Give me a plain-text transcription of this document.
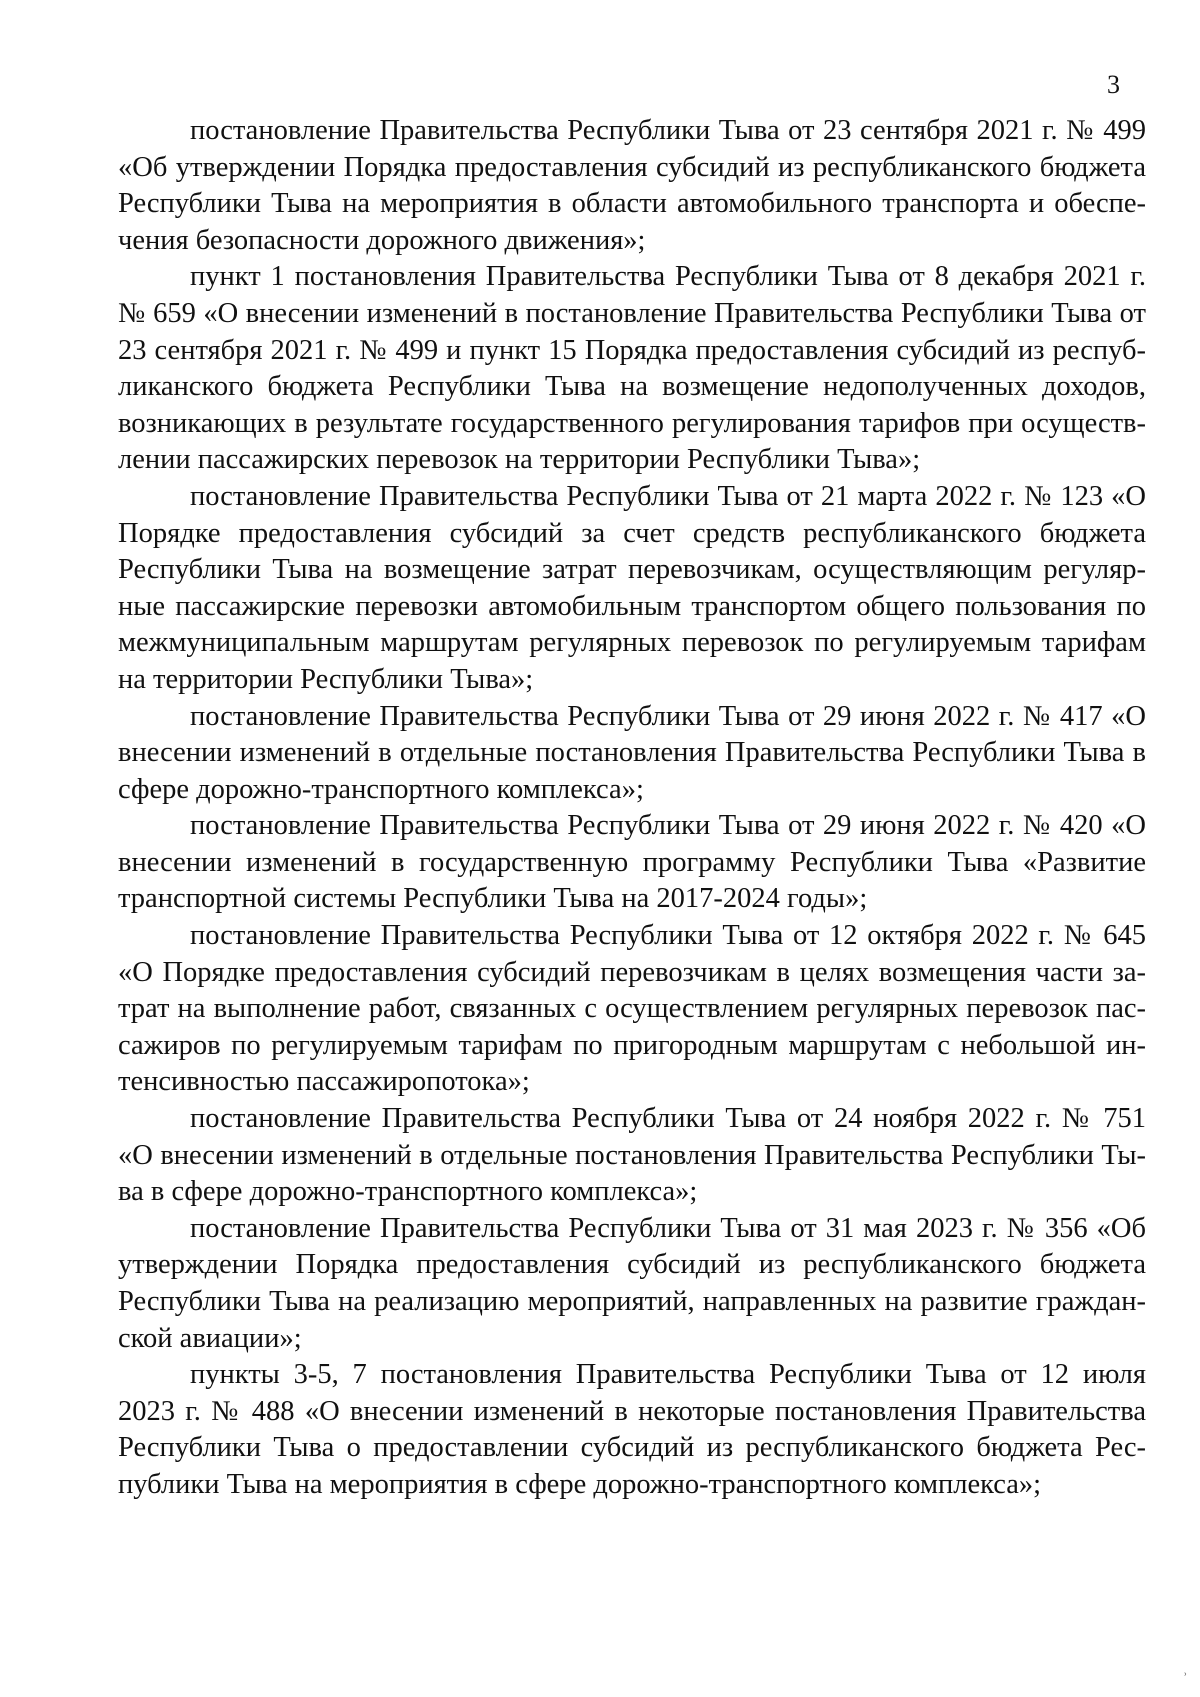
3

постановление Правительства Республики Тыва от 23 сентября 2021 г. № 499 «Об утверждении Порядка предоставления субсидий из республиканского бюджета Республики Тыва на мероприятия в области автомобильного транспорта и обеспечения безопасности дорожного движения»;

пункт 1 постановления Правительства Республики Тыва от 8 декабря 2021 г. № 659 «О внесении изменений в постановление Правительства Республики Тыва от 23 сентября 2021 г. № 499 и пункт 15 Порядка предоставления субсидий из республиканского бюджета Республики Тыва на возмещение недополученных доходов, возникающих в результате государственного регулирования тарифов при осуществлении пассажирских перевозок на территории Республики Тыва»;

постановление Правительства Республики Тыва от 21 марта 2022 г. № 123 «О Порядке предоставления субсидий за счет средств республиканского бюджета Республики Тыва на возмещение затрат перевозчикам, осуществляющим регулярные пассажирские перевозки автомобильным транспортом общего пользования по межмуниципальным маршрутам регулярных перевозок по регулируемым тарифам на территории Республики Тыва»;

постановление Правительства Республики Тыва от 29 июня 2022 г. № 417 «О внесении изменений в отдельные постановления Правительства Республики Тыва в сфере дорожно-транспортного комплекса»;

постановление Правительства Республики Тыва от 29 июня 2022 г. № 420 «О внесении изменений в государственную программу Республики Тыва «Развитие транспортной системы Республики Тыва на 2017-2024 годы»;

постановление Правительства Республики Тыва от 12 октября 2022 г. № 645 «О Порядке предоставления субсидий перевозчикам в целях возмещения части затрат на выполнение работ, связанных с осуществлением регулярных перевозок пассажиров по регулируемым тарифам по пригородным маршрутам с небольшой интенсивностью пассажиропотока»;

постановление Правительства Республики Тыва от 24 ноября 2022 г. № 751 «О внесении изменений в отдельные постановления Правительства Республики Тыва в сфере дорожно-транспортного комплекса»;

постановление Правительства Республики Тыва от 31 мая 2023 г. № 356 «Об утверждении Порядка предоставления субсидий из республиканского бюджета Республики Тыва на реализацию мероприятий, направленных на развитие гражданской авиации»;

пункты 3-5, 7 постановления Правительства Республики Тыва от 12 июля 2023 г. № 488 «О внесении изменений в некоторые постановления Правительства Республики Тыва о предоставлении субсидий из республиканского бюджета Республики Тыва на мероприятия в сфере дорожно-транспортного комплекса»;

ʾ
